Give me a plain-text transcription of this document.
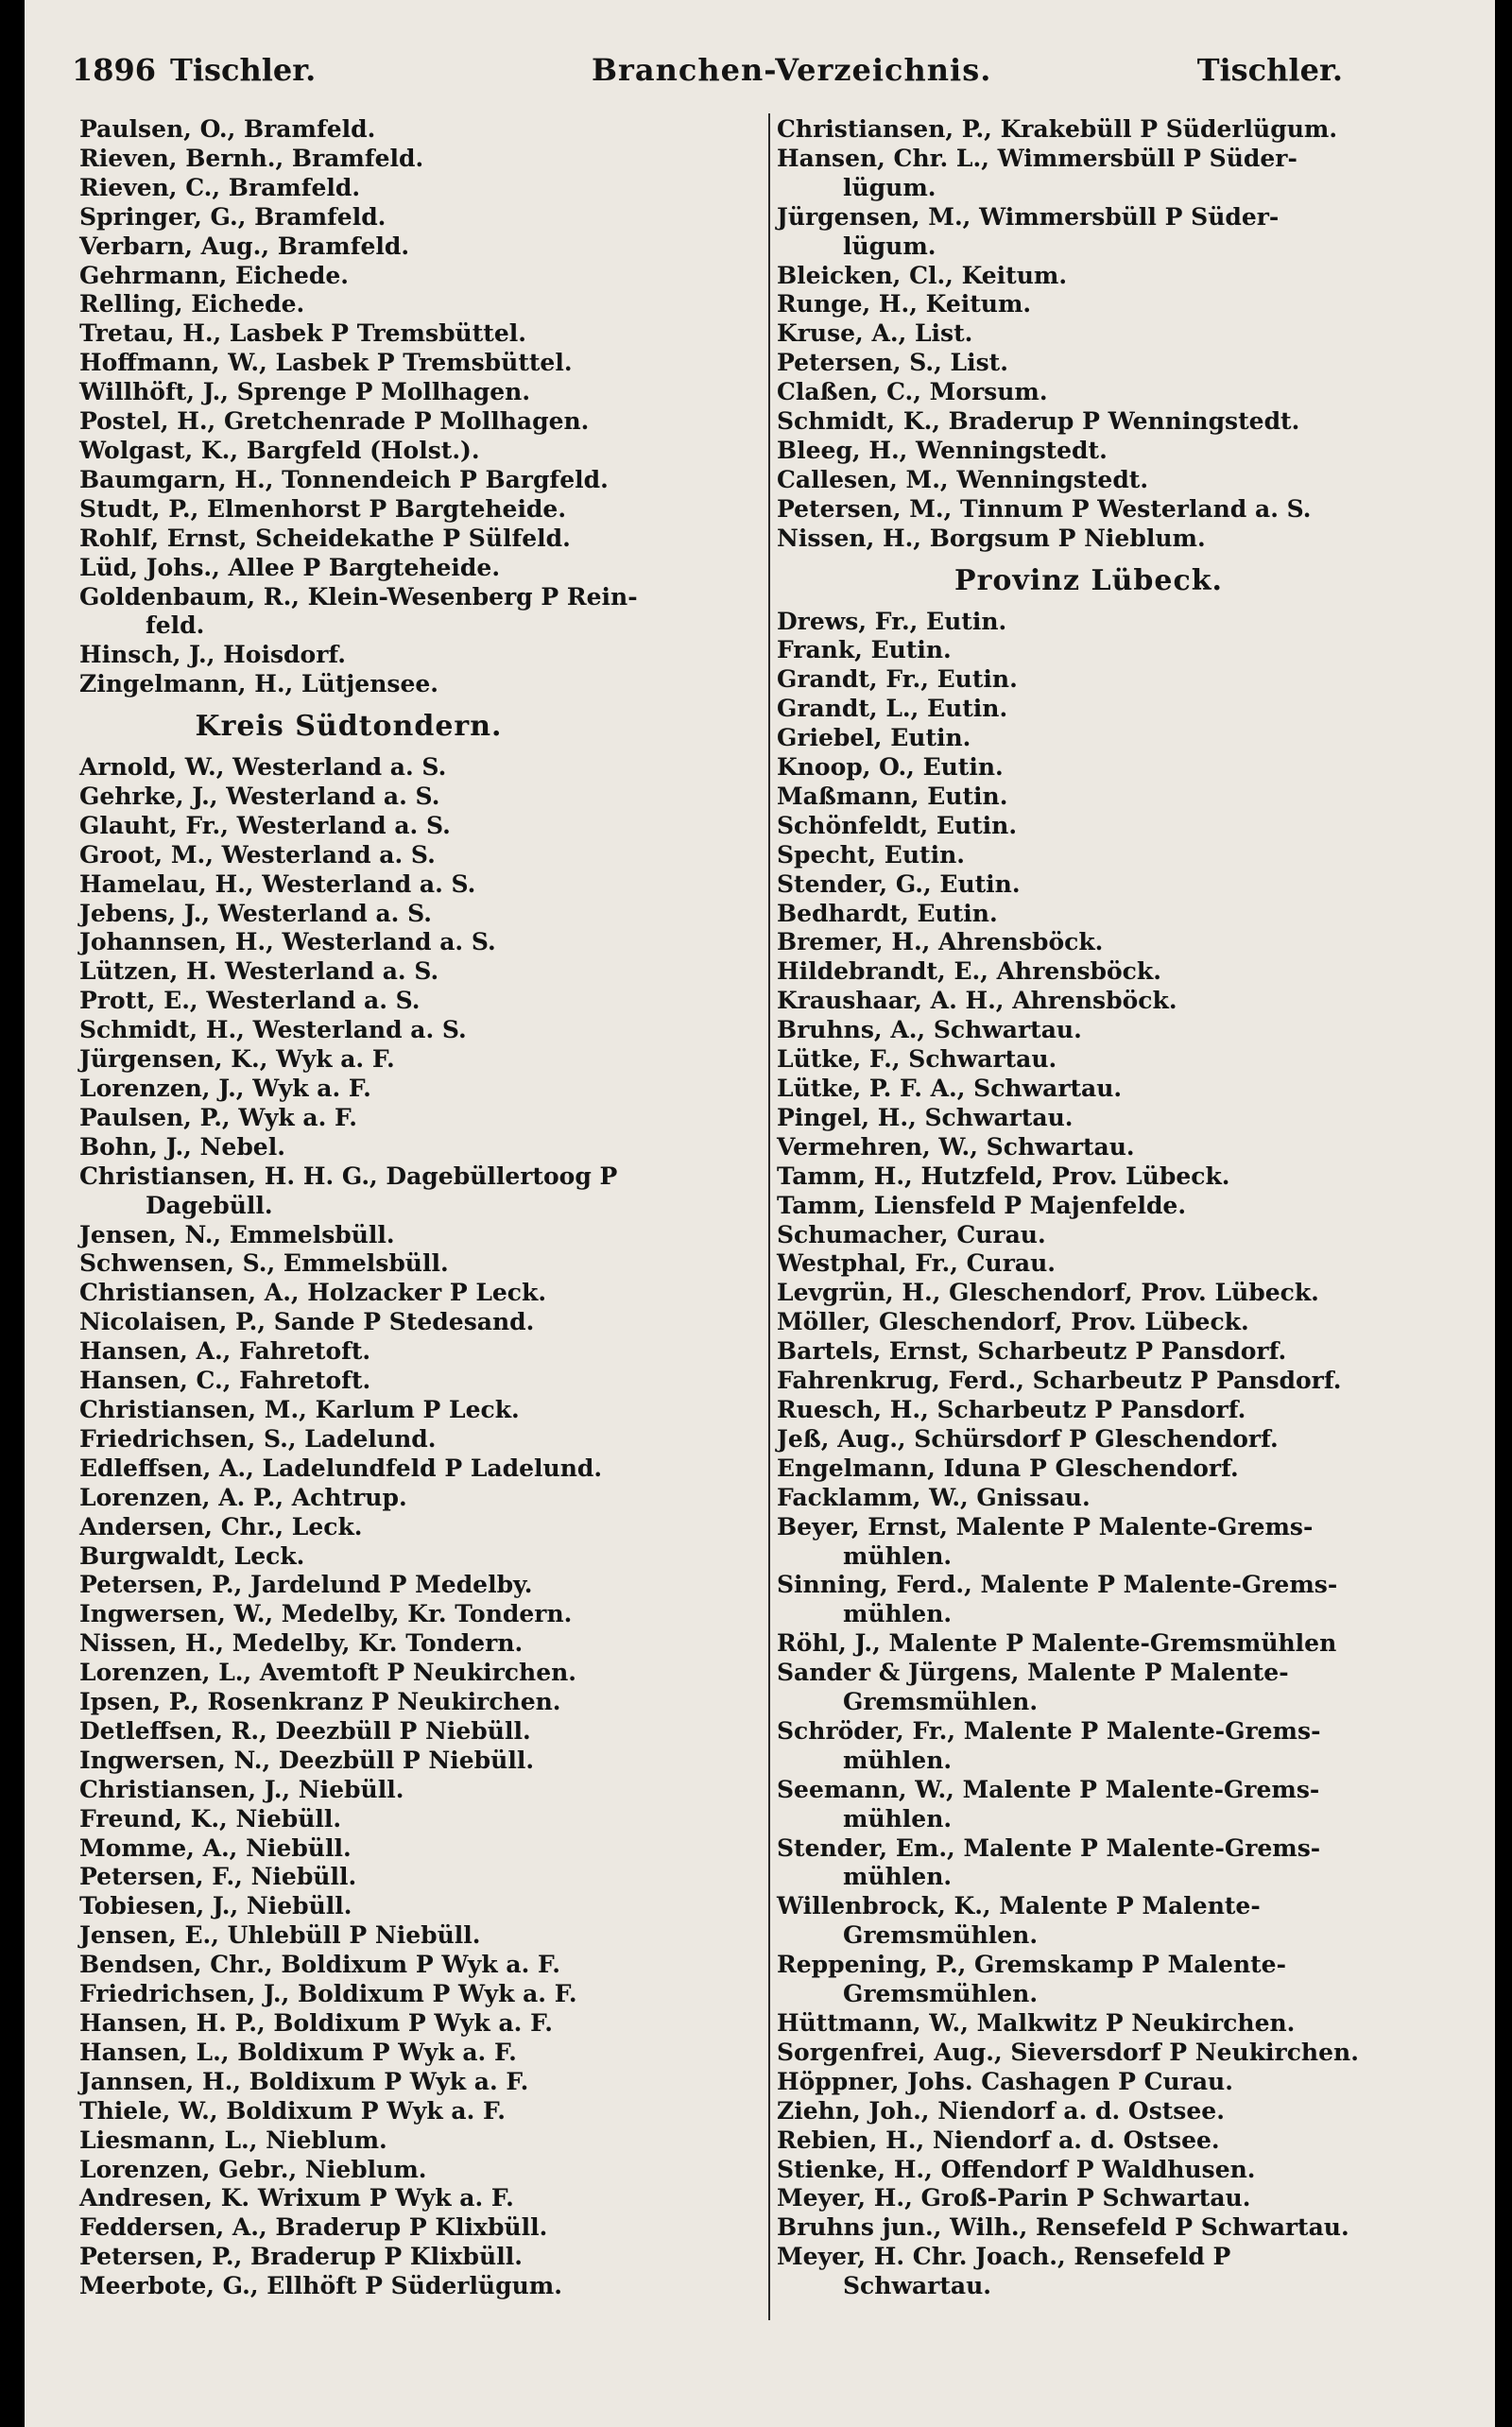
1896 Tischler.	Branchen-Verzeichnis.	Tischler.
Paulsen, O., Bramfeld.
Rieven, Bernh., Bramfeld.
Rieven, C., Bramfeld.
Springer, G., Bramfeld.
Verbarn, Aug., Bramfeld.
Gehrmann, Eichede.
Relling, Eichede.
Tretau, H., Lasbek P Tremsbüttel.
Hoffmann, W., Lasbek P Tremsbüttel.
Willhöft, J., Sprenge P Mollhagen.
Postel, H., Gretchenrade P Mollhagen.
Wolgast, K., Bargfeld (Holst.).
Baumgarn, H., Tonnendeich P Bargfeld.
Studt, P., Elmenhorst P Bargteheide.
Rohlf, Ernst, Scheidekathe P Sülfeld.
Lüd, Johs., Allee P Bargteheide.
Goldenbaum, R., Klein-Wesenberg P Rein-
feld.
Hinsch, J., Hoisdorf.
Zingelmann, H., Lütjensee.
Kreis Südtondern.
Arnold, W., Westerland a. S.
Gehrke, J., Westerland a. S.
Glauht, Fr., Westerland a. S.
Groot, M., Westerland a. S.
Hamelau, H., Westerland a. S.
Jebens, J., Westerland a. S.
Johannsen, H., Westerland a. S.
Lützen, H. Westerland a. S.
Prott, E., Westerland a. S.
Schmidt, H., Westerland a. S.
Jürgensen, K., Wyk a. F.
Lorenzen, J., Wyk a. F.
Paulsen, P., Wyk a. F.
Bohn, J., Nebel.
Christiansen, H. H. G., Dagebüllertoog P
Dagebüll.
Jensen, N., Emmelsbüll.
Schwensen, S., Emmelsbüll.
Christiansen, A., Holzacker P Leck.
Nicolaisen, P., Sande P Stedesand.
Hansen, A., Fahretoft.
Hansen, C., Fahretoft.
Christiansen, M., Karlum P Leck.
Friedrichsen, S., Ladelund.
Edleffsen, A., Ladelundfeld P Ladelund.
Lorenzen, A. P., Achtrup.
Andersen, Chr., Leck.
Burgwaldt, Leck.
Petersen, P., Jardelund P Medelby.
Ingwersen, W., Medelby, Kr. Tondern.
Nissen, H., Medelby, Kr. Tondern.
Lorenzen, L., Avemtoft P Neukirchen.
Ipsen, P., Rosenkranz P Neukirchen.
Detleffsen, R., Deezbüll P Niebüll.
Ingwersen, N., Deezbüll P Niebüll.
Christiansen, J., Niebüll.
Freund, K., Niebüll.
Momme, A., Niebüll.
Petersen, F., Niebüll.
Tobiesen, J., Niebüll.
Jensen, E., Uhlebüll P Niebüll.
Bendsen, Chr., Boldixum P Wyk a. F.
Friedrichsen, J., Boldixum P Wyk a. F.
Hansen, H. P., Boldixum P Wyk a. F.
Hansen, L., Boldixum P Wyk a. F.
Jannsen, H., Boldixum P Wyk a. F.
Thiele, W., Boldixum P Wyk a. F.
Liesmann, L., Nieblum.
Lorenzen, Gebr., Nieblum.
Andresen, K. Wrixum P Wyk a. F.
Feddersen, A., Braderup P Klixbüll.
Petersen, P., Braderup P Klixbüll.
Meerbote, G., Ellhöft P Süderlügum.
Christiansen, P., Krakebüll P Süderlügum.
Hansen, Chr. L., Wimmersbüll P Süder-
lügum.
Jürgensen, M., Wimmersbüll P Süder-
lügum.
Bleicken, Cl., Keitum.
Runge, H., Keitum.
Kruse, A., List.
Petersen, S., List.
Claßen, C., Morsum.
Schmidt, K., Braderup P Wenningstedt.
Bleeg, H., Wenningstedt.
Callesen, M., Wenningstedt.
Petersen, M., Tinnum P Westerland a. S.
Nissen, H., Borgsum P Nieblum.
Provinz Lübeck.
Drews, Fr., Eutin.
Frank, Eutin.
Grandt, Fr., Eutin.
Grandt, L., Eutin.
Griebel, Eutin.
Knoop, O., Eutin.
Maßmann, Eutin.
Schönfeldt, Eutin.
Specht, Eutin.
Stender, G., Eutin.
Bedhardt, Eutin.
Bremer, H., Ahrensböck.
Hildebrandt, E., Ahrensböck.
Kraushaar, A. H., Ahrensböck.
Bruhns, A., Schwartau.
Lütke, F., Schwartau.
Lütke, P. F. A., Schwartau.
Pingel, H., Schwartau.
Vermehren, W., Schwartau.
Tamm, H., Hutzfeld, Prov. Lübeck.
Tamm, Liensfeld P Majenfelde.
Schumacher, Curau.
Westphal, Fr., Curau.
Levgrün, H., Gleschendorf, Prov. Lübeck.
Möller, Gleschendorf, Prov. Lübeck.
Bartels, Ernst, Scharbeutz P Pansdorf.
Fahrenkrug, Ferd., Scharbeutz P Pansdorf.
Ruesch, H., Scharbeutz P Pansdorf.
Jeß, Aug., Schürsdorf P Gleschendorf.
Engelmann, Iduna P Gleschendorf.
Facklamm, W., Gnissau.
Beyer, Ernst, Malente P Malente-Grems-
mühlen.
Sinning, Ferd., Malente P Malente-Grems-
mühlen.
Röhl, J., Malente P Malente-Gremsmühlen
Sander & Jürgens, Malente P Malente-
Gremsmühlen.
Schröder, Fr., Malente P Malente-Grems-
mühlen.
Seemann, W., Malente P Malente-Grems-
mühlen.
Stender, Em., Malente P Malente-Grems-
mühlen.
Willenbrock, K., Malente P Malente-
Gremsmühlen.
Reppening, P., Gremskamp P Malente-
Gremsmühlen.
Hüttmann, W., Malkwitz P Neukirchen.
Sorgenfrei, Aug., Sieversdorf P Neukirchen.
Höppner, Johs. Cashagen P Curau.
Ziehn, Joh., Niendorf a. d. Ostsee.
Rebien, H., Niendorf a. d. Ostsee.
Stienke, H., Offendorf P Waldhusen.
Meyer, H., Groß-Parin P Schwartau.
Bruhns jun., Wilh., Rensefeld P Schwartau.
Meyer, H. Chr. Joach., Rensefeld P
Schwartau.
